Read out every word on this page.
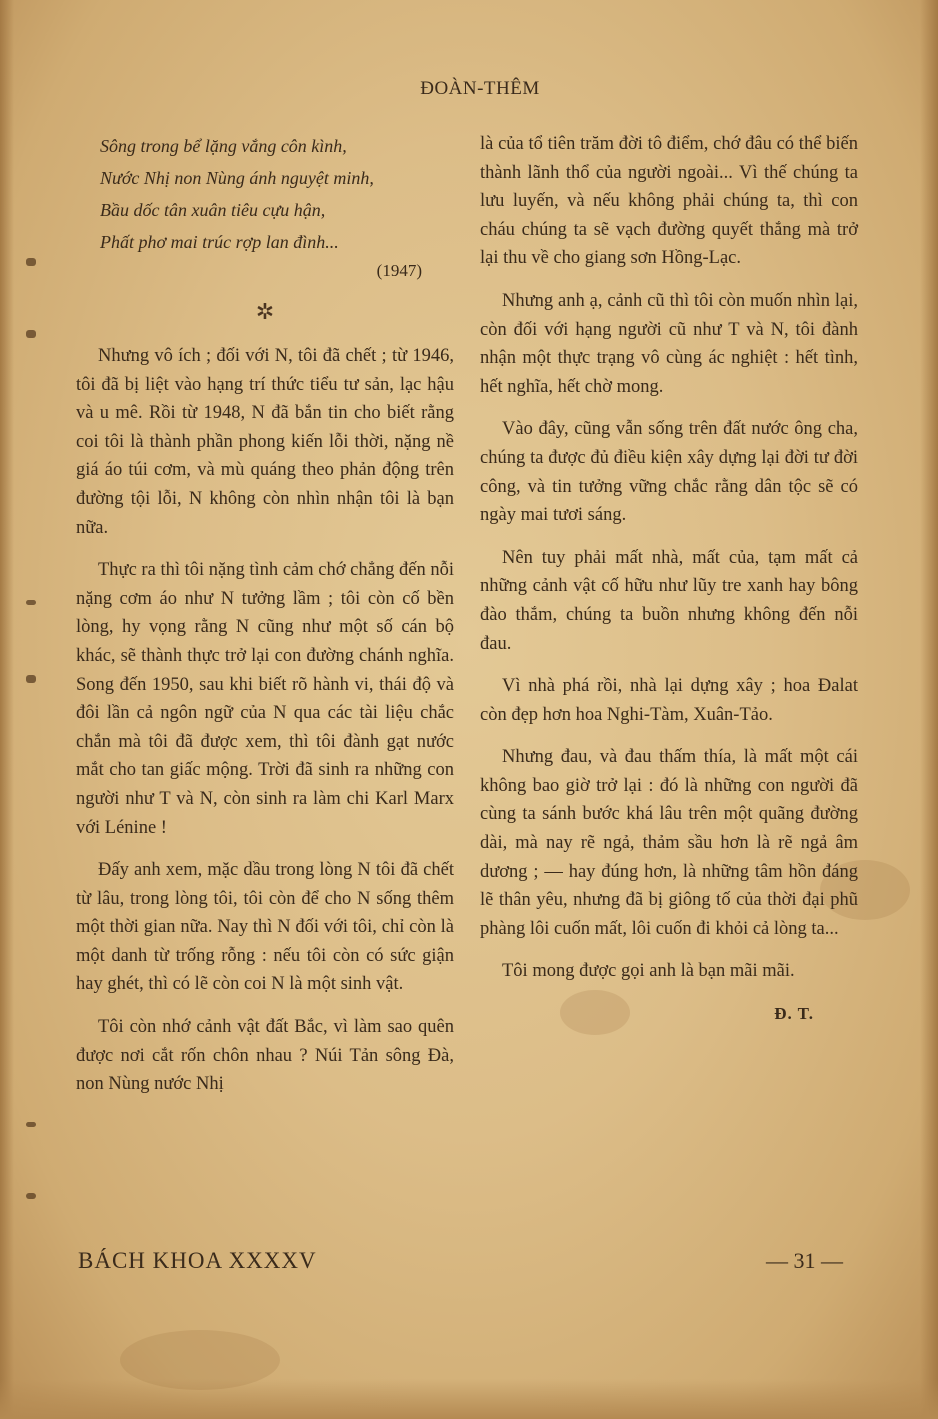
ĐOÀN-THÊM
Sông trong bể lặng vắng côn kình,
Nước Nhị non Nùng ánh nguyệt minh,
Bầu dốc tân xuân tiêu cựu hận,
Phất phơ mai trúc rợp lan đình...
(1947)
✲

Nhưng vô ích ; đối với N, tôi đã chết ; từ 1946, tôi đã bị liệt vào hạng trí thức tiểu tư sản, lạc hậu và u mê. Rồi từ 1948, N đã bắn tin cho biết rằng coi tôi là thành phần phong kiến lỗi thời, nặng nề giá áo túi cơm, và mù quáng theo phản động trên đường tội lỗi, N không còn nhìn nhận tôi là bạn nữa.

Thực ra thì tôi nặng tình cảm chớ chẳng đến nỗi nặng cơm áo như N tưởng lầm ; tôi còn cố bền lòng, hy vọng rằng N cũng như một số cán bộ khác, sẽ thành thực trở lại con đường chánh nghĩa. Song đến 1950, sau khi biết rõ hành vi, thái độ và đôi lần cả ngôn ngữ của N qua các tài liệu chắc chắn mà tôi đã được xem, thì tôi đành gạt nước mắt cho tan giấc mộng. Trời đã sinh ra những con người như T và N, còn sinh ra làm chi Karl Marx với Lénine !

Đấy anh xem, mặc dầu trong lòng N tôi đã chết từ lâu, trong lòng tôi, tôi còn để cho N sống thêm một thời gian nữa. Nay thì N đối với tôi, chỉ còn là một danh từ trống rỗng : nếu tôi còn có sức giận hay ghét, thì có lẽ còn coi N là một sinh vật.

Tôi còn nhớ cảnh vật đất Bắc, vì làm sao quên được nơi cắt rốn chôn nhau ? Núi Tản sông Đà, non Nùng nước Nhị

là của tổ tiên trăm đời tô điểm, chớ đâu có thể biến thành lãnh thổ của người ngoài... Vì thế chúng ta lưu luyến, và nếu không phải chúng ta, thì con cháu chúng ta sẽ vạch đường quyết thắng mà trở lại thu về cho giang sơn Hồng-Lạc.

Nhưng anh ạ, cảnh cũ thì tôi còn muốn nhìn lại, còn đối với hạng người cũ như T và N, tôi đành nhận một thực trạng vô cùng ác nghiệt : hết tình, hết nghĩa, hết chờ mong.

Vào đây, cũng vẫn sống trên đất nước ông cha, chúng ta được đủ điều kiện xây dựng lại đời tư đời công, và tin tưởng vững chắc rằng dân tộc sẽ có ngày mai tươi sáng.

Nên tuy phải mất nhà, mất của, tạm mất cả những cảnh vật cố hữu như lũy tre xanh hay bông đào thắm, chúng ta buồn nhưng không đến nỗi đau.

Vì nhà phá rồi, nhà lại dựng xây ; hoa Đalat còn đẹp hơn hoa Nghi-Tàm, Xuân-Tảo.

Nhưng đau, và đau thấm thía, là mất một cái không bao giờ trở lại : đó là những con người đã cùng ta sánh bước khá lâu trên một quãng đường dài, mà nay rẽ ngả, thảm sầu hơn là rẽ ngả âm dương ; — hay đúng hơn, là những tâm hồn đáng lẽ thân yêu, nhưng đã bị giông tố của thời đại phũ phàng lôi cuốn mất, lôi cuốn đi khỏi cả lòng ta...

Tôi mong được gọi anh là bạn mãi mãi.

Đ. T.
BÁCH KHOA XXXXV	— 31 —
